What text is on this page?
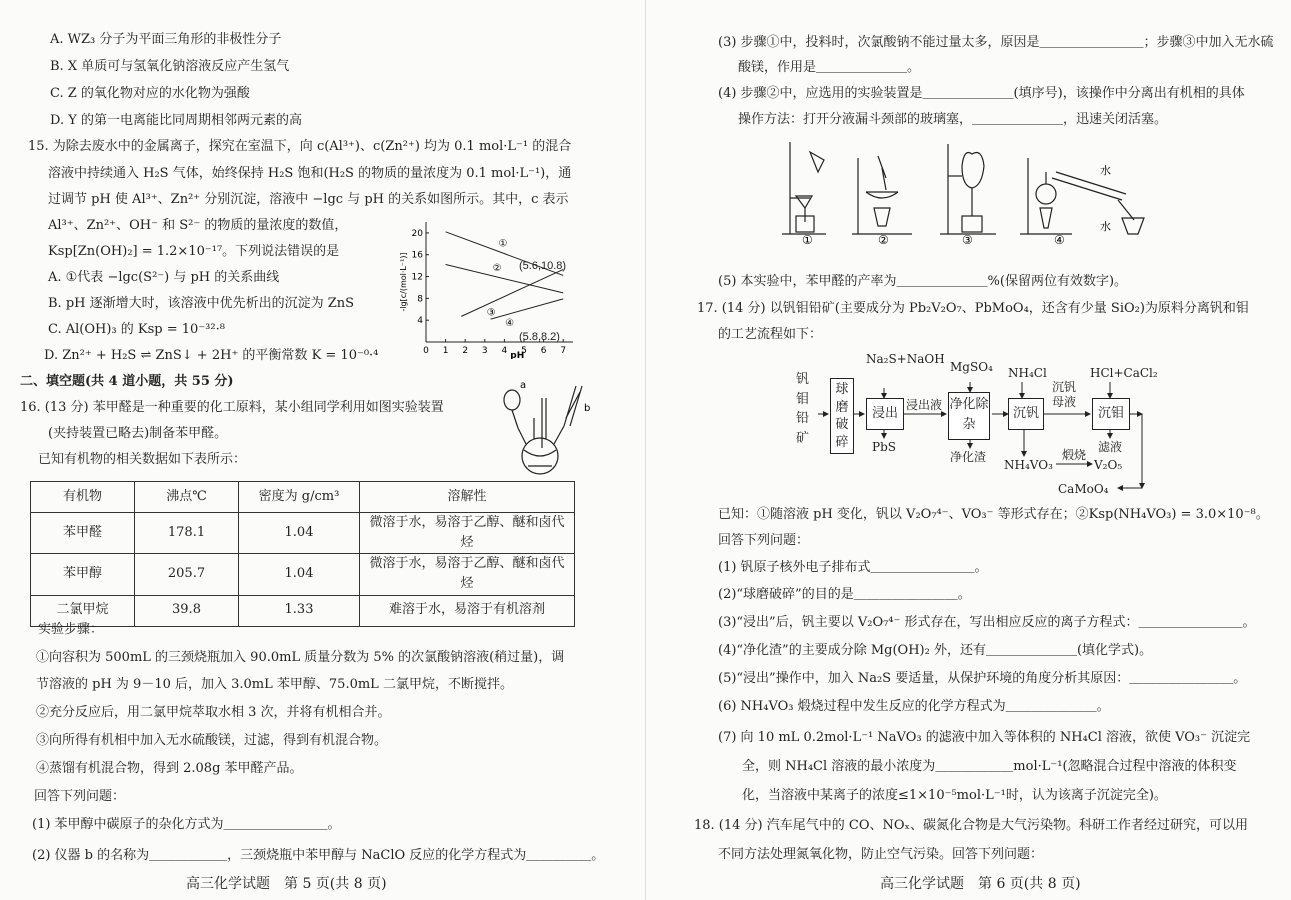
A. WZ₃ 分子为平面三角形的非极性分子
B. X 单质可与氢氧化钠溶液反应产生氢气
C. Z 的氧化物对应的水化物为强酸
D. Y 的第一电离能比同周期相邻两元素的高
15. 为除去废水中的金属离子，探究在室温下，向 c(Al³⁺)、c(Zn²⁺) 均为 0.1 mol·L⁻¹ 的混合
溶液中持续通入 H₂S 气体，始终保持 H₂S 饱和(H₂S 的物质的量浓度为 0.1 mol·L⁻¹)，通
过调节 pH 使 Al³⁺、Zn²⁺ 分别沉淀，溶液中 −lgc 与 pH 的关系如图所示。其中，c 表示
Al³⁺、Zn²⁺、OH⁻ 和 S²⁻ 的物质的量浓度的数值，
Ksp[Zn(OH)₂] = 1.2×10⁻¹⁷。下列说法错误的是
A. ①代表 −lgc(S²⁻) 与 pH 的关系曲线
B. pH 逐渐增大时，该溶液中优先析出的沉淀为 ZnS
C. Al(OH)₃ 的 Ksp = 10⁻³²·⁸
D. Zn²⁺ + H₂S ⇌ ZnS↓ + 2H⁺ 的平衡常数 K = 10⁻⁰·⁴	0 1 2 3 4 5 6 7
4
8
12
16
20
pH
-lg[c/(mol·L⁻¹)]
①
②
③
④
(5.6,10.8)
(5.8,8.2)
二、填空题(共 4 道小题，共 55 分)
16. (13 分) 苯甲醛是一种重要的化工原料，某小组同学利用如图实验装置
(夹持装置已略去)制备苯甲醛。
已知有机物的相关数据如下表所示：
a
b
有机物	沸点℃	密度为 g/cm³	溶解性
苯甲醛	178.1	1.04	微溶于水，易溶于乙醇、醚和卤代烃
苯甲醇	205.7	1.04	微溶于水，易溶于乙醇、醚和卤代烃
二氯甲烷	39.8	1.33	难溶于水，易溶于有机溶剂
实验步骤：
①向容积为 500mL 的三颈烧瓶加入 90.0mL 质量分数为 5% 的次氯酸钠溶液(稍过量)，调
节溶液的 pH 为 9－10 后，加入 3.0mL 苯甲醇、75.0mL 二氯甲烷，不断搅拌。
②充分反应后，用二氯甲烷萃取水相 3 次，并将有机相合并。
③向所得有机相中加入无水硫酸镁，过滤，得到有机混合物。
④蒸馏有机混合物，得到 2.08g 苯甲醛产品。
回答下列问题：
(1) 苯甲醇中碳原子的杂化方式为＿＿＿＿＿＿＿＿。
(2) 仪器 b 的名称为＿＿＿＿＿＿，三颈烧瓶中苯甲醇与 NaClO 反应的化学方程式为＿＿＿＿＿。
高三化学试题　第 5 页(共 8 页)
(3) 步骤①中，投料时，次氯酸钠不能过量太多，原因是＿＿＿＿＿＿＿＿；步骤③中加入无水硫
酸镁，作用是＿＿＿＿＿＿＿。
(4) 步骤②中，应选用的实验装置是＿＿＿＿＿＿＿(填序号)，该操作中分离出有机相的具体
操作方法：打开分液漏斗颈部的玻璃塞，＿＿＿＿＿＿＿，迅速关闭活塞。
①	②	③	④
水
水
(5) 本实验中，苯甲醛的产率为＿＿＿＿＿＿＿%(保留两位有效数字)。
17. (14 分) 以钒钼铅矿(主要成分为 Pb₂V₂O₇、PbMoO₄，还含有少量 SiO₂)为原料分离钒和钼
的工艺流程如下：
钒钼铅矿
球磨破碎
Na₂S+NaOH
浸出
PbS
浸出液
MgSO₄
净化除杂
净化渣
NH₄Cl
沉钒
沉钒母液
NH₄VO₃
煅烧
V₂O₅
HCl+CaCl₂
沉钼
滤液
CaMoO₄
已知：①随溶液 pH 变化，钒以 V₂O₇⁴⁻、VO₃⁻ 等形式存在；②Ksp(NH₄VO₃) = 3.0×10⁻⁸。
回答下列问题：
(1) 钒原子核外电子排布式＿＿＿＿＿＿＿＿。
(2)“球磨破碎”的目的是＿＿＿＿＿＿＿＿。
(3)“浸出”后，钒主要以 V₂O₇⁴⁻ 形式存在，写出相应反应的离子方程式：＿＿＿＿＿＿＿＿。
(4)“净化渣”的主要成分除 Mg(OH)₂ 外，还有＿＿＿＿＿＿＿(填化学式)。
(5)“浸出”操作中，加入 Na₂S 要适量，从保护环境的角度分析其原因：＿＿＿＿＿＿＿＿。
(6) NH₄VO₃ 煅烧过程中发生反应的化学方程式为＿＿＿＿＿＿＿。
(7) 向 10 mL 0.2mol·L⁻¹ NaVO₃ 的滤液中加入等体积的 NH₄Cl 溶液，欲使 VO₃⁻ 沉淀完
全，则 NH₄Cl 溶液的最小浓度为＿＿＿＿＿＿mol·L⁻¹(忽略混合过程中溶液的体积变
化，当溶液中某离子的浓度≤1×10⁻⁵mol·L⁻¹时，认为该离子沉淀完全)。
18. (14 分) 汽车尾气中的 CO、NOₓ、碳氮化合物是大气污染物。科研工作者经过研究，可以用
不同方法处理氮氧化物，防止空气污染。回答下列问题：
高三化学试题　第 6 页(共 8 页)
